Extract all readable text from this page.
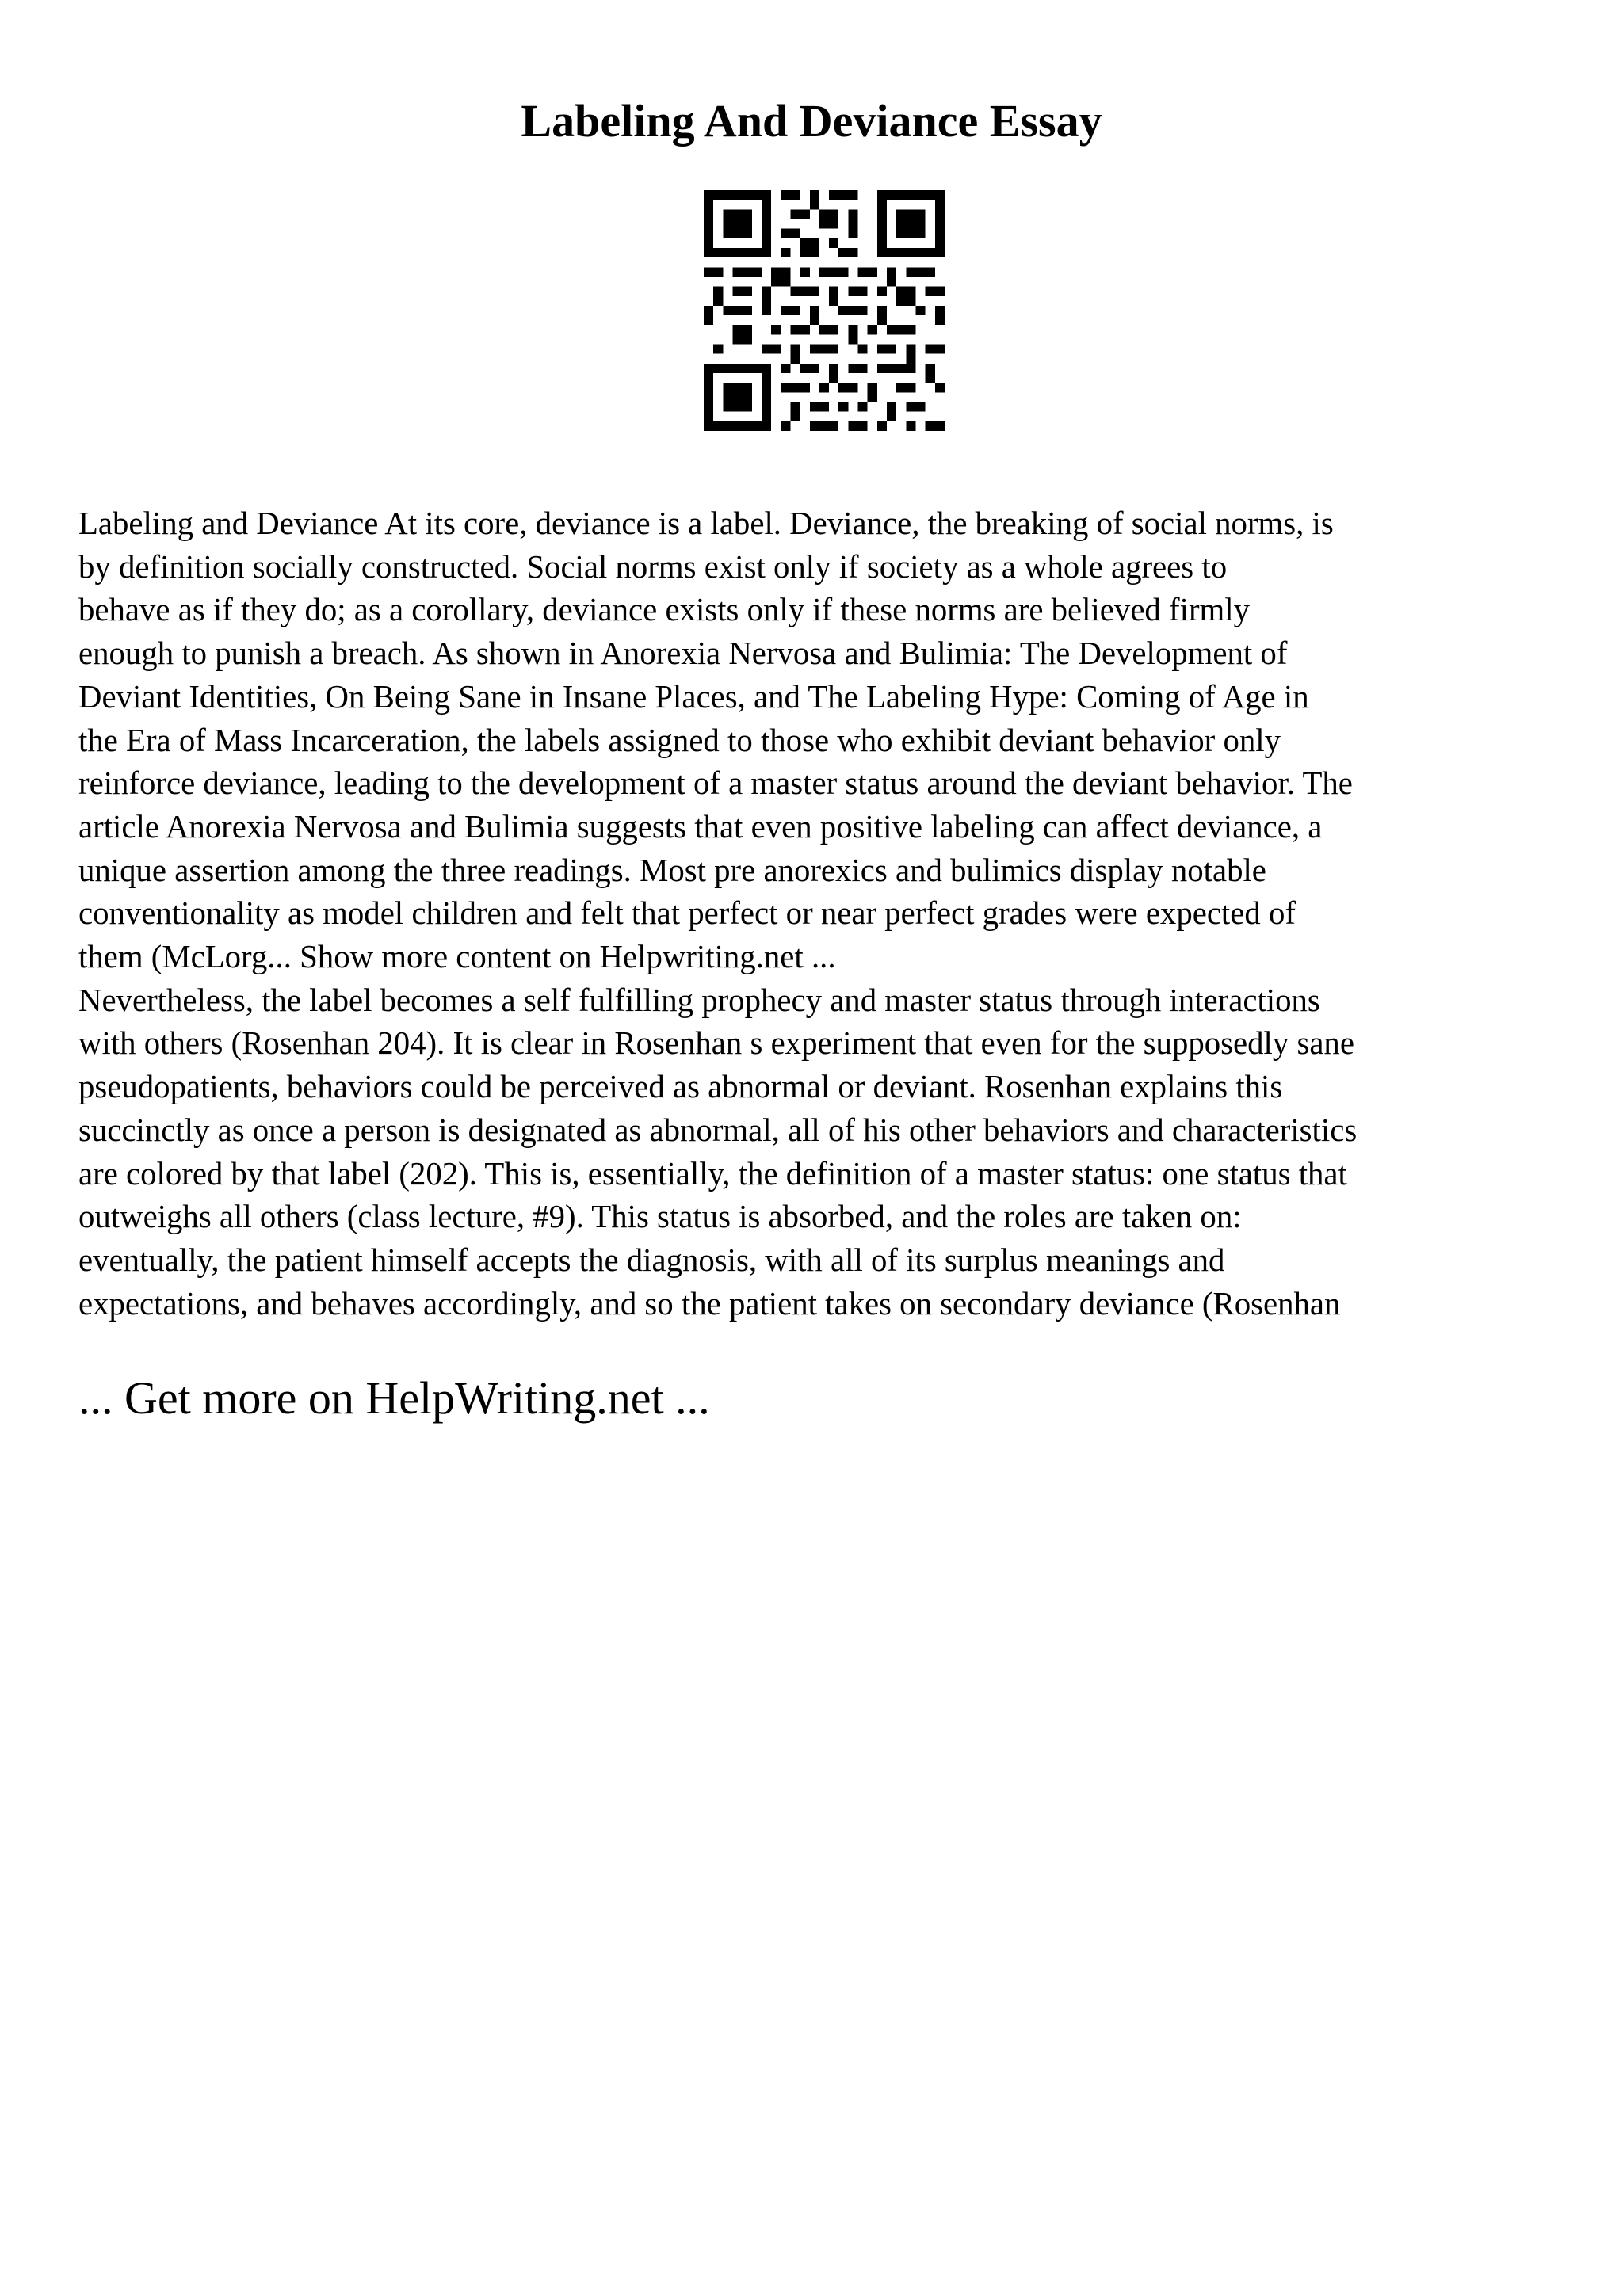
Labeling And Deviance Essay
Labeling and Deviance At its core, deviance is a label. Deviance, the breaking of social norms, is
by definition socially constructed. Social norms exist only if society as a whole agrees to
behave as if they do; as a corollary, deviance exists only if these norms are believed firmly
enough to punish a breach. As shown in Anorexia Nervosa and Bulimia: The Development of
Deviant Identities, On Being Sane in Insane Places, and The Labeling Hype: Coming of Age in
the Era of Mass Incarceration, the labels assigned to those who exhibit deviant behavior only
reinforce deviance, leading to the development of a master status around the deviant behavior. The
article Anorexia Nervosa and Bulimia suggests that even positive labeling can affect deviance, a
unique assertion among the three readings. Most pre anorexics and bulimics display notable
conventionality as model children and felt that perfect or near perfect grades were expected of
them (McLorg... Show more content on Helpwriting.net ...
Nevertheless, the label becomes a self fulfilling prophecy and master status through interactions
with others (Rosenhan 204). It is clear in Rosenhan s experiment that even for the supposedly sane
pseudopatients, behaviors could be perceived as abnormal or deviant. Rosenhan explains this
succinctly as once a person is designated as abnormal, all of his other behaviors and characteristics
are colored by that label (202). This is, essentially, the definition of a master status: one status that
outweighs all others (class lecture, #9). This status is absorbed, and the roles are taken on:
eventually, the patient himself accepts the diagnosis, with all of its surplus meanings and
expectations, and behaves accordingly, and so the patient takes on secondary deviance (Rosenhan
... Get more on HelpWriting.net ...
